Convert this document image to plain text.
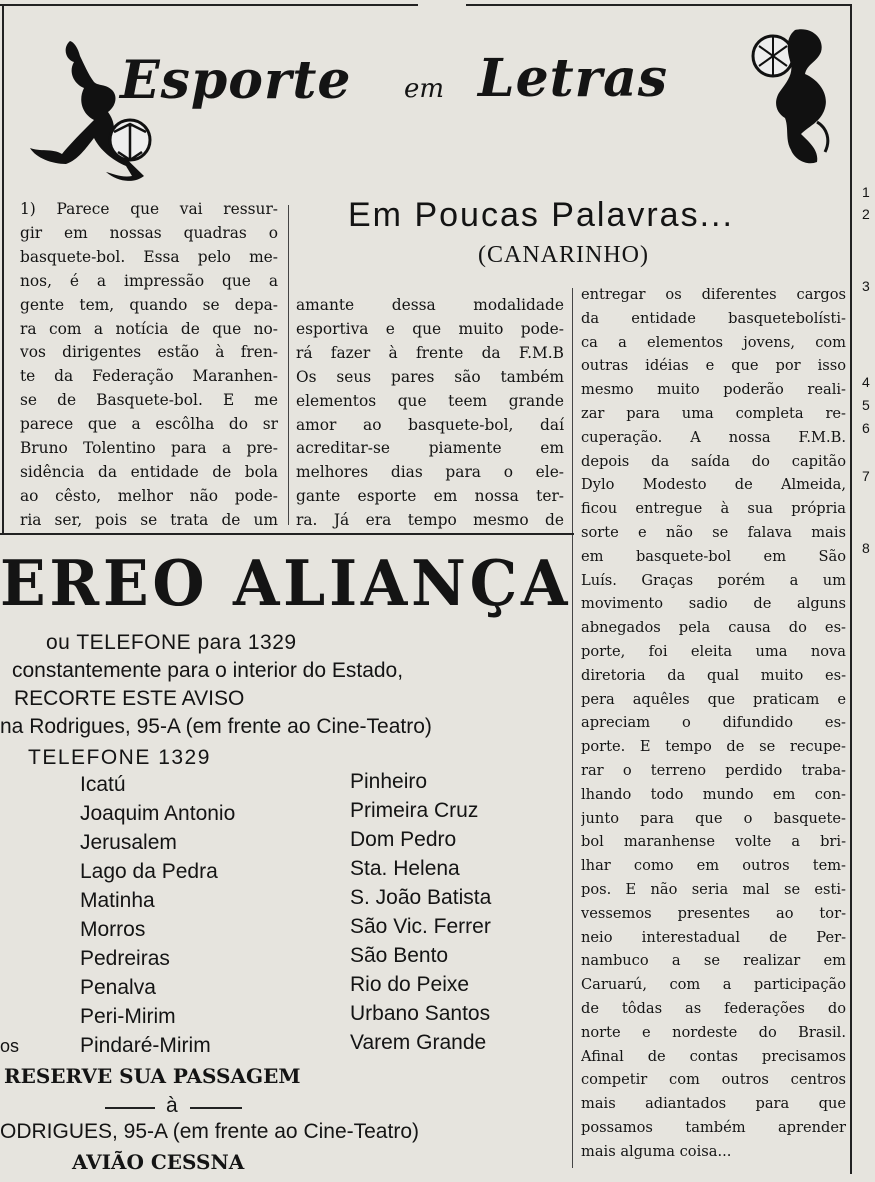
Esporte em Letras
Em Poucas Palavras...
(CANARINHO)
1) Parece que vai ressur-
gir em nossas quadras o
basquete-bol. Essa pelo me-
nos, é a impressão que a
gente tem, quando se depa-
ra com a notícia de que no-
vos dirigentes estão à fren-
te da Federação Maranhen-
se de Basquete-bol. E me
parece que a escôlha do sr
Bruno Tolentino para a pre-
sidência da entidade de bola
ao cêsto, melhor não pode-
ria ser, pois se trata de um
amante dessa modalidade
esportiva e que muito pode-
rá fazer à frente da F.M.B
Os seus pares são também
elementos que teem grande
amor ao basquete-bol, daí
acreditar-se piamente em
melhores dias para o ele-
gante esporte em nossa ter-
ra. Já era tempo mesmo de
entregar os diferentes cargos
da entidade basquetebolísti-
ca a elementos jovens, com
outras idéias e que por isso
mesmo muito poderão reali-
zar para uma completa re-
cuperação. A nossa F.M.B.
depois da saída do capitão
Dylo Modesto de Almeida,
ficou entregue à sua própria
sorte e não se falava mais
em basquete-bol em São
Luís. Graças porém a um
movimento sadio de alguns
abnegados pela causa do es-
porte, foi eleita uma nova
diretoria da qual muito es-
pera aquêles que praticam e
apreciam o difundido es-
porte. E tempo de se recupe-
rar o terreno perdido traba-
lhando todo mundo em con-
junto para que o basquete-
bol maranhense volte a bri-
lhar como em outros tem-
pos. E não seria mal se esti-
vessemos presentes ao tor-
neio interestadual de Per-
nambuco a se realizar em
Caruarú, com a participação
de tôdas as federações do
norte e nordeste do Brasil.
Afinal de contas precisamos
competir com outros centros
mais adiantados para que
possamos também aprender
mais alguma coisa...
EREO ALIANÇA
ou TELEFONE para 1329
constantemente para o interior do Estado,
RECORTE ESTE AVISO
na Rodrigues, 95-A (em frente ao Cine-Teatro)
TELEFONE 1329
Icatú
Joaquim Antonio
Jerusalem
Lago da Pedra
Matinha
Morros
Pedreiras
Penalva
Peri-Mirim
Pindaré-Mirim
os
Pinheiro
Primeira Cruz
Dom Pedro
Sta. Helena
S. João Batista
São Vic. Ferrer
São Bento
Rio do Peixe
Urbano Santos
Varem Grande
RESERVE SUA PASSAGEM
à
ODRIGUES, 95-A (em frente ao Cine-Teatro)
AVIÃO CESSNA
1
2
3
4
5
6
7
8
